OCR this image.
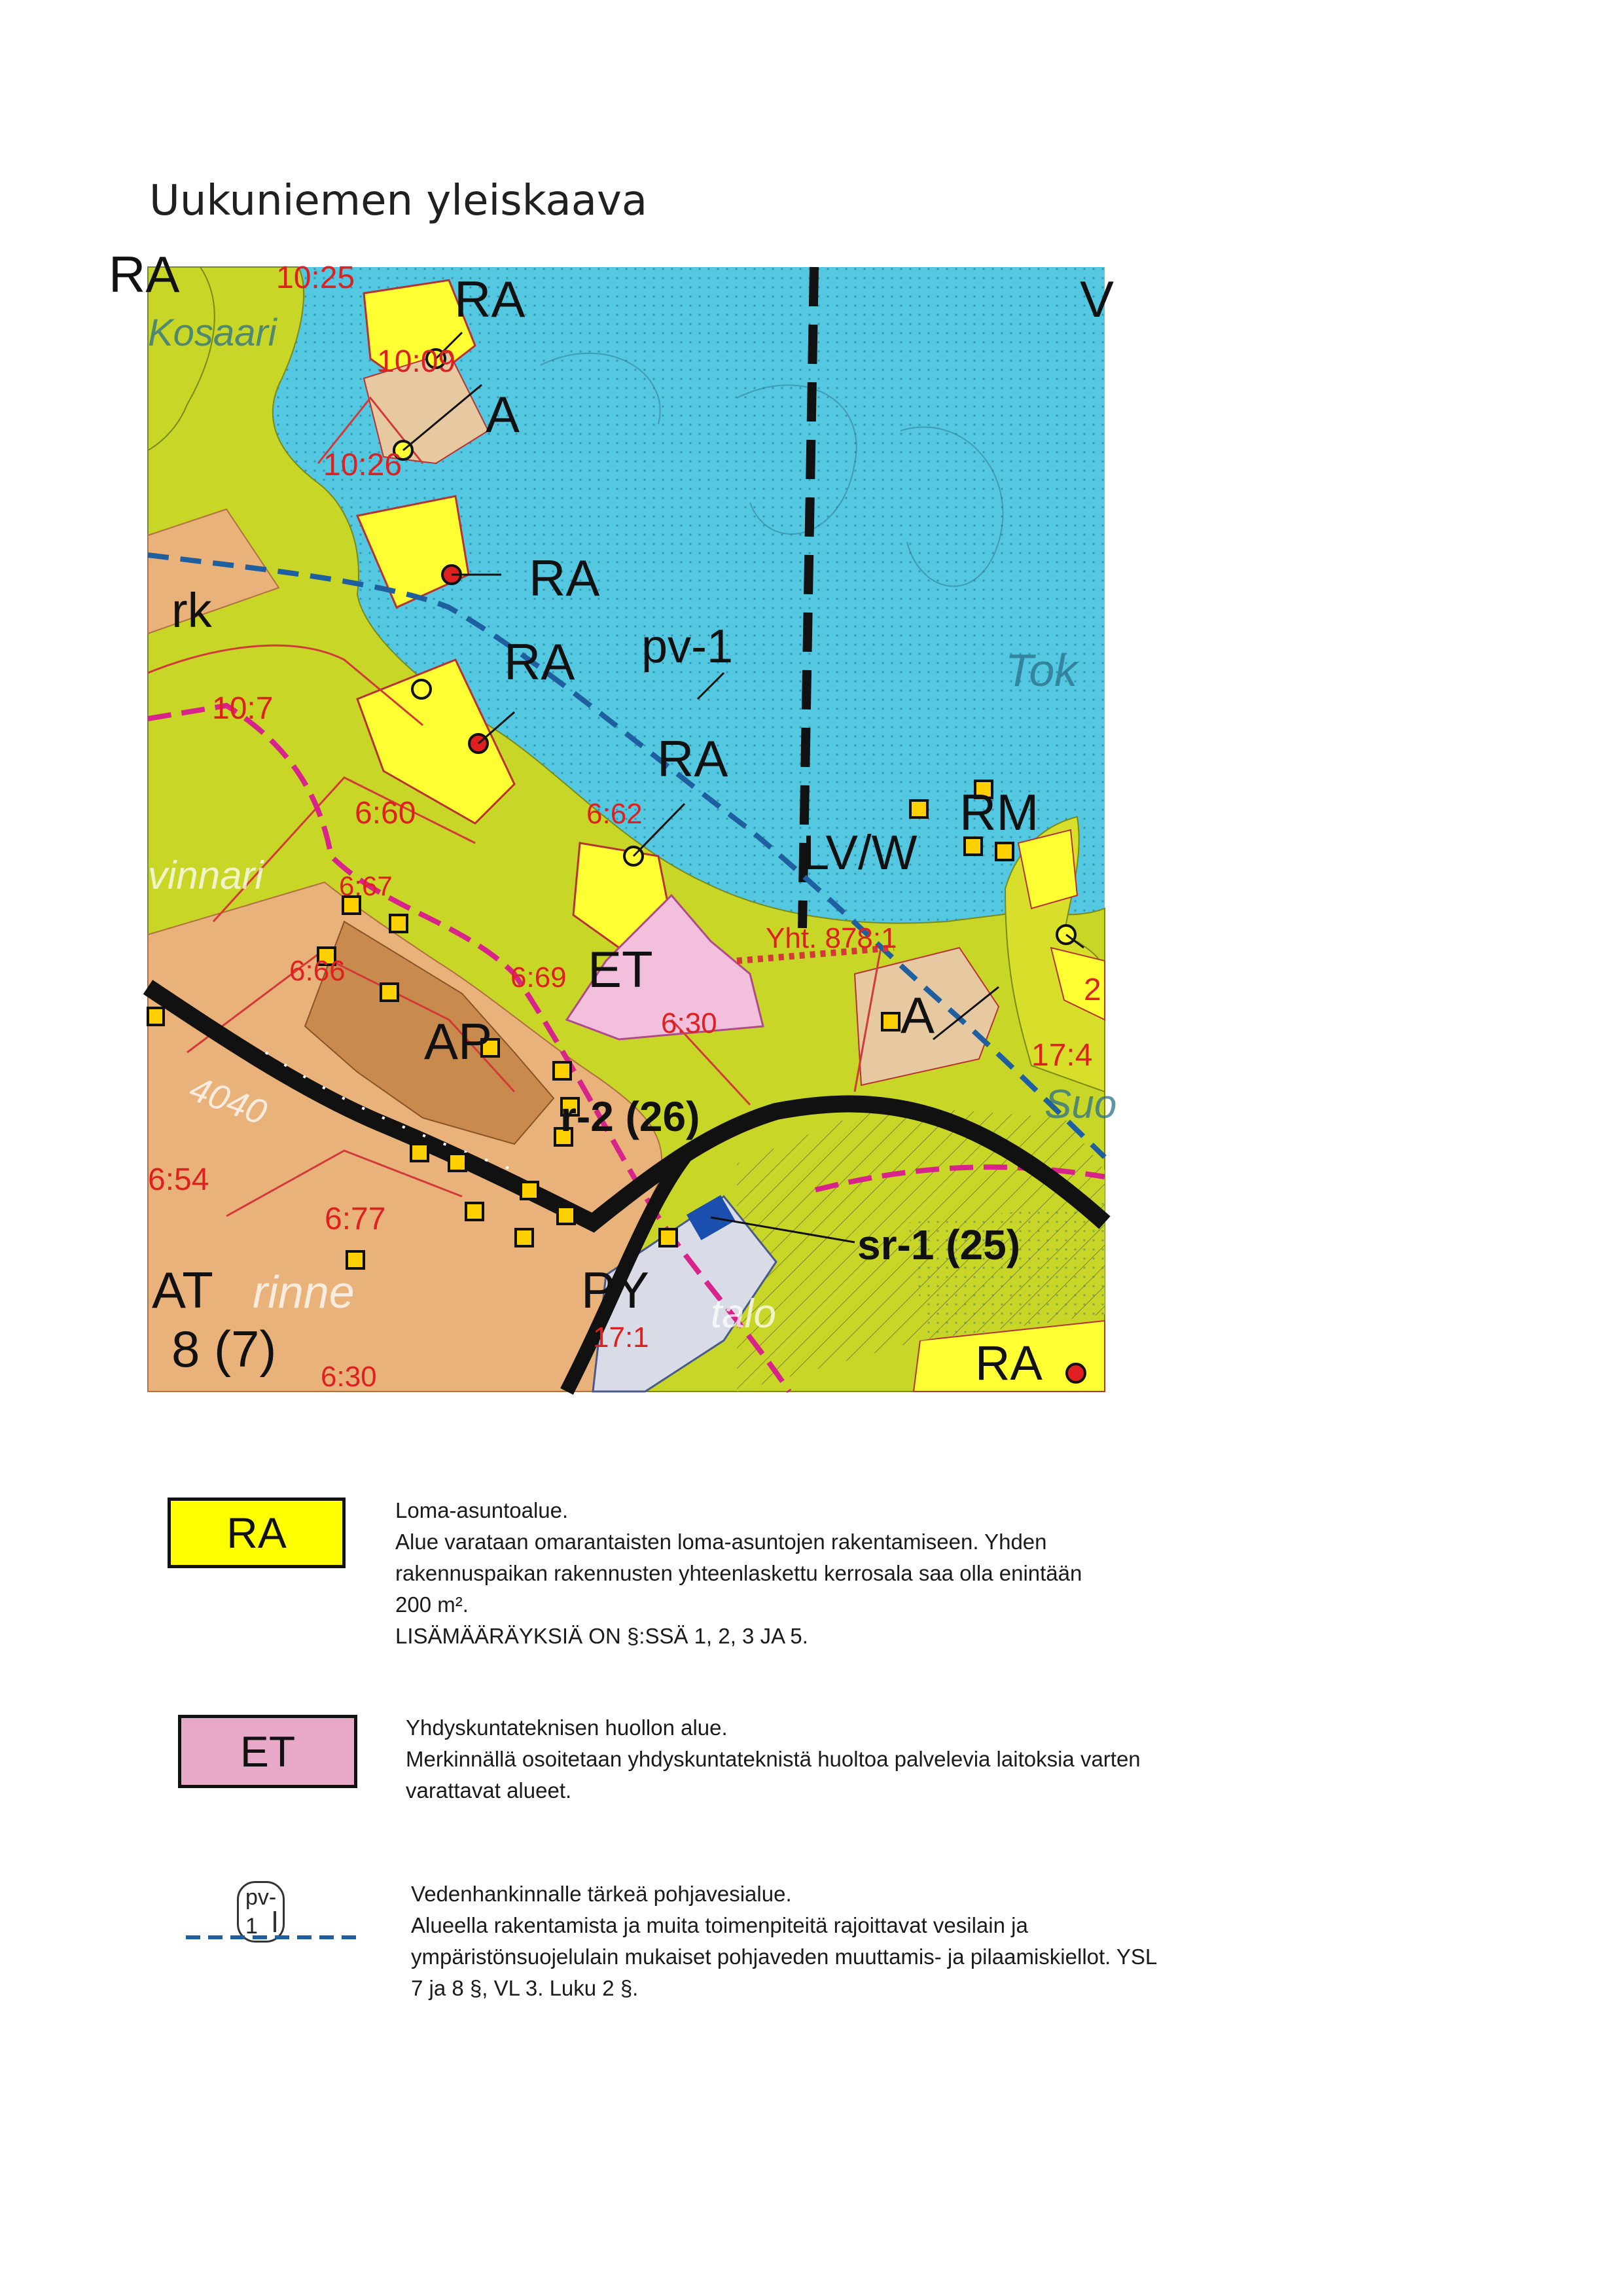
Uukuniemen yleiskaava
RA
A
RA
RA pv-1
RA
rk
RM
LV/W
ET
AP	A
r-2 (26)
sr-1 (25)
PY
AT
8 (7)	RA
V
RA	10:25
10:09
10:26
10:7
6:60	6:62
6:67
6:66	6:69
6:30
6:54
6:77
17:1
17:4
Yht. 878:1
2
6:30
Kosaari
Tok
Suo
vinnari
talo
rinne
4040
RA	Loma-asuntoalue.
Alue varataan omarantaisten loma-asuntojen rakentamiseen. Yhden
rakennuspaikan rakennusten yhteenlaskettu kerrosala saa olla enintään
200 m².
LISÄMÄÄRÄYKSIÄ ON §:SSÄ 1, 2, 3 JA 5.
ET	Yhdyskuntateknisen huollon alue.
Merkinnällä osoitetaan yhdyskuntateknistä huoltoa palvelevia laitoksia varten
varattavat alueet.
pv-1
Vedenhankinnalle tärkeä pohjavesialue.
Alueella rakentamista ja muita toimenpiteitä rajoittavat vesilain ja
ympäristönsuojelulain mukaiset pohjaveden muuttamis- ja pilaamiskiellot. YSL
7 ja 8 §, VL 3. Luku 2 §.
